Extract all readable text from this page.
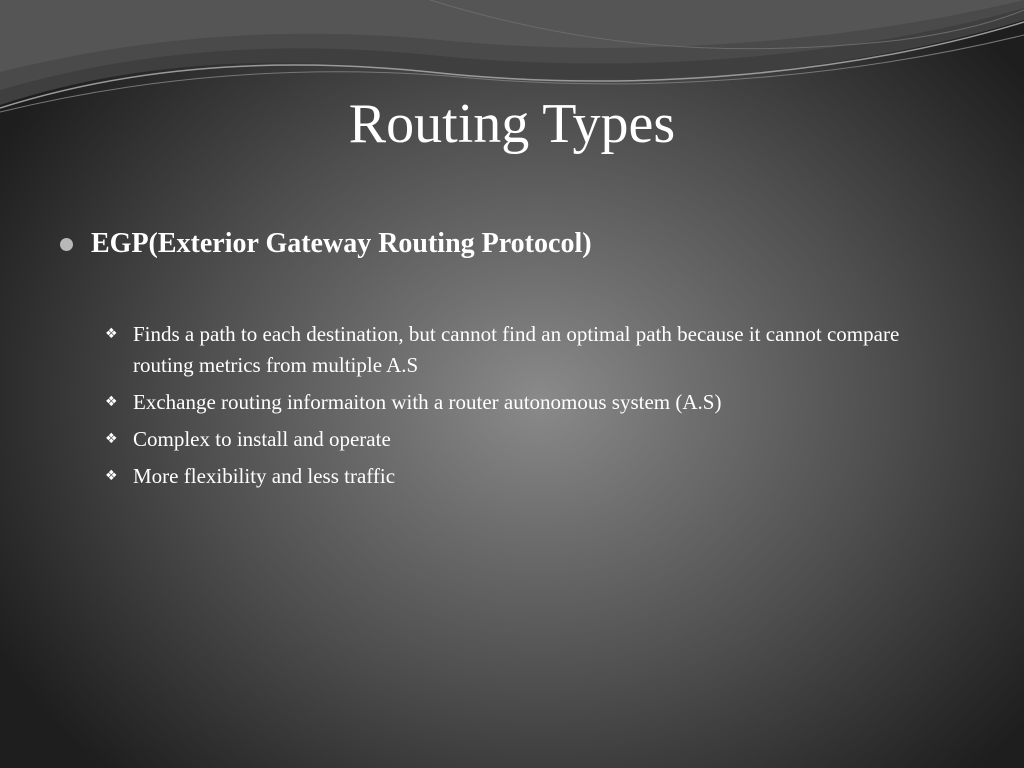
Routing Types
EGP(Exterior Gateway Routing Protocol)
❖ Finds a path to each destination, but cannot find an optimal path because it cannot compare routing metrics from multiple A.S
❖ Exchange routing informaiton with a router autonomous system (A.S)
❖ Complex to install and operate
❖ More flexibility and less traffic
